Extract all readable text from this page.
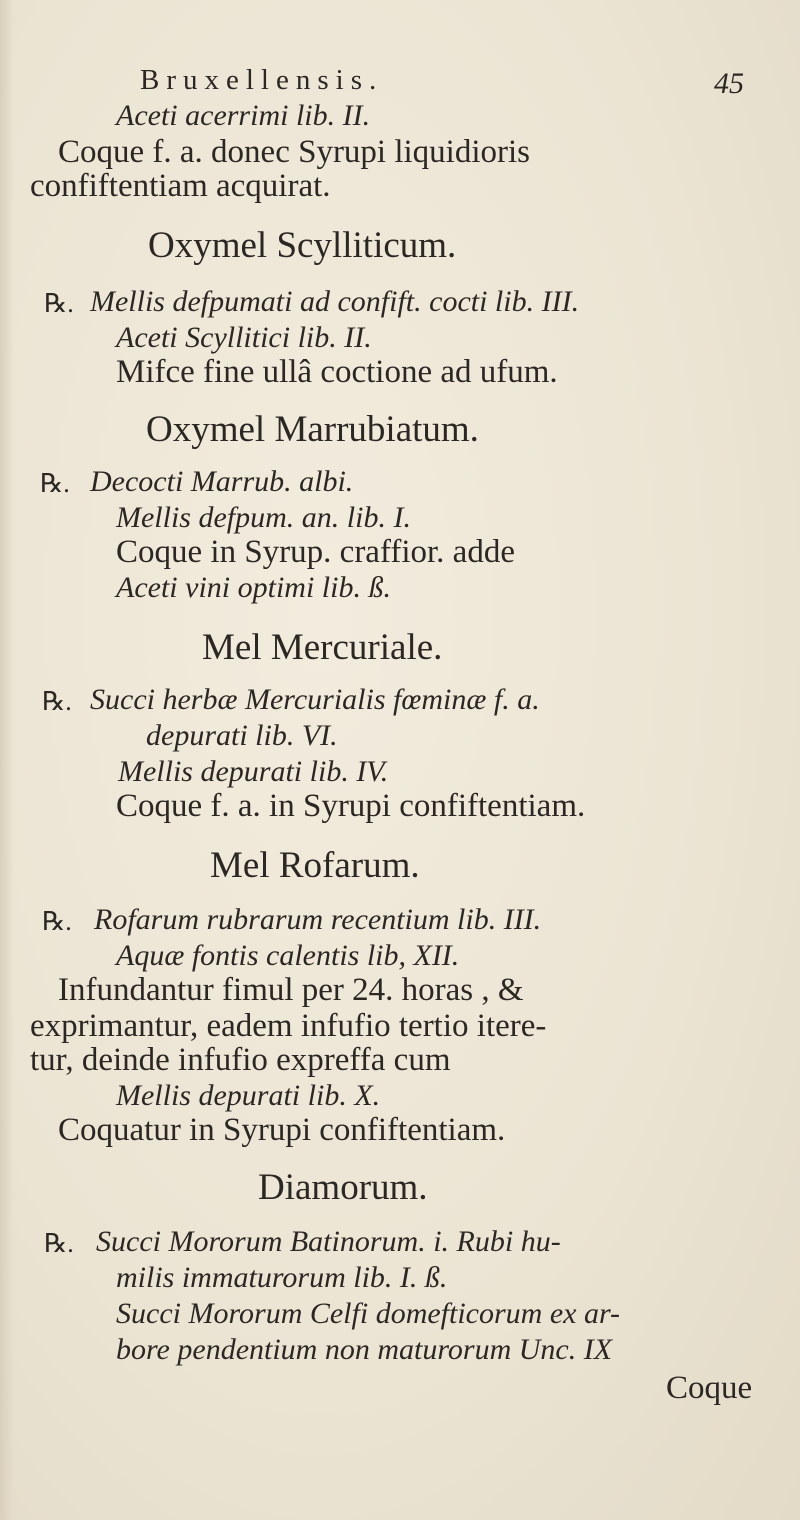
Bruxellensis.	45
Aceti acerrimi lib. II.
Coque f. a. donec Syrupi liquidioris
confiftentiam acquirat.
Oxymel Scylliticum.
℞. Mellis defpumati ad confift. cocti lib. III.
Aceti Scyllitici lib. II.
Mifce fine ullâ coctione ad ufum.
Oxymel Marrubiatum.
℞. Decocti Marrub. albi.
Mellis defpum. an. lib. I.
Coque in Syrup. craffior. adde
Aceti vini optimi lib. ß.
Mel Mercuriale.
℞. Succi herbæ Mercurialis fœminæ f. a.
depurati lib. VI.
Mellis depurati lib. IV.
Coque f. a. in Syrupi confiftentiam.
Mel Rofarum.
℞. Rofarum rubrarum recentium lib. III.
Aquæ fontis calentis lib, XII.
Infundantur fimul per 24. horas , &
exprimantur, eadem infufio tertio itere-
tur, deinde infufio expreffa cum
Mellis depurati lib. X.
Coquatur in Syrupi confiftentiam.
Diamorum.
℞. Succi Mororum Batinorum. i. Rubi hu-
milis immaturorum lib. I. ß.
Succi Mororum Celfi domefticorum ex ar-
bore pendentium non maturorum Unc. IX
Coque
